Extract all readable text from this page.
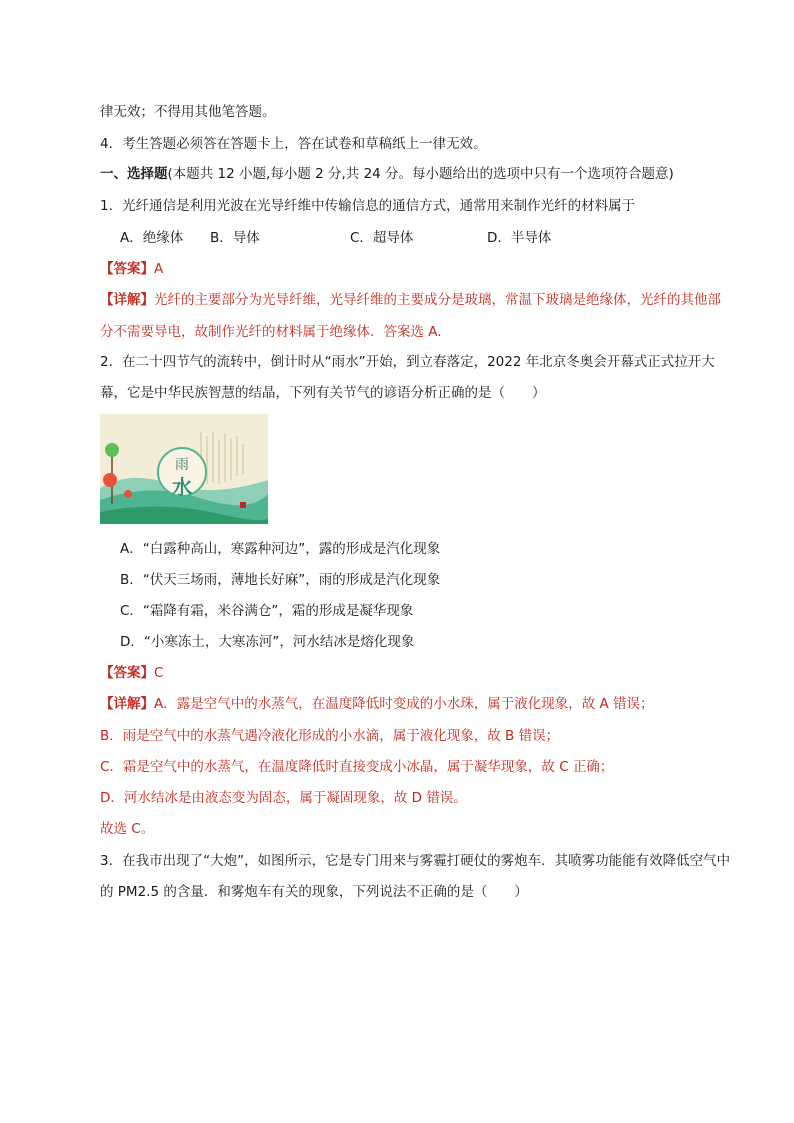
律无效；不得用其他笔答题。
4．考生答题必须答在答题卡上，答在试卷和草稿纸上一律无效。
一、选择题(本题共 12 小题,每小题 2 分,共 24 分。每小题给出的选项中只有一个选项符合题意)
1．光纤通信是利用光波在光导纤维中传输信息的通信方式，通常用来制作光纤的材料属于
A．绝缘体 B．导体	C．超导体	D．半导体
【答案】A
【详解】光纤的主要部分为光导纤维，光导纤维的主要成分是玻璃，常温下玻璃是绝缘体，光纤的其他部
分不需要导电，故制作光纤的材料属于绝缘体．答案选 A.
2．在二十四节气的流转中，倒计时从“雨水”开始，到立春落定，2022 年北京冬奥会开幕式正式拉开大
幕，它是中华民族智慧的结晶，下列有关节气的谚语分析正确的是（　　）
雨
水
A．“白露种高山，寒露种河边”，露的形成是汽化现象
B．“伏天三场雨，薄地长好麻”，雨的形成是汽化现象
C．“霜降有霜，米谷满仓”，霜的形成是凝华现象
D．“小寒冻土，大寒冻河”，河水结冰是熔化现象
【答案】C
【详解】A．露是空气中的水蒸气，在温度降低时变成的小水珠，属于液化现象，故 A 错误；
B．雨是空气中的水蒸气遇冷液化形成的小水滴，属于液化现象，故 B 错误；
C．霜是空气中的水蒸气，在温度降低时直接变成小冰晶，属于凝华现象，故 C 正确；
D．河水结冰是由液态变为固态，属于凝固现象，故 D 错误。
故选 C。
3．在我市出现了“大炮”，如图所示，它是专门用来与雾霾打硬仗的雾炮车．其喷雾功能能有效降低空气中
的 PM2.5 的含量．和雾炮车有关的现象，下列说法不正确的是（　　）
